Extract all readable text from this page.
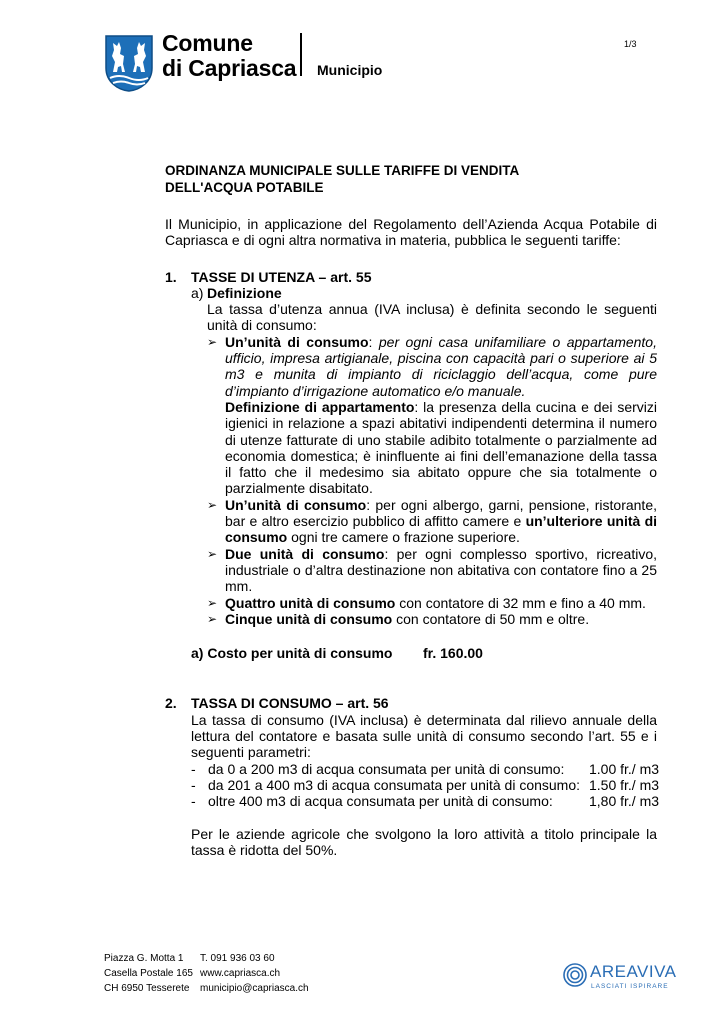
Comune
di Capriasca Municipio
1/3
ORDINANZA MUNICIPALE SULLE TARIFFE DI VENDITA
DELL'ACQUA POTABILE

Il Municipio, in applicazione del Regolamento dell’Azienda Acqua Potabile di Capriasca e di ogni altra normativa in materia, pubblica le seguenti tariffe:

1.	TASSE DI UTENZA – art. 55
a) Definizione
La tassa d’utenza annua (IVA inclusa) è definita secondo le seguenti unità di consumo:
➢ Un’unità di consumo: per ogni casa unifamiliare o appartamento, ufficio, impresa artigianale, piscina con capacità pari o superiore ai 5 m3 e munita di impianto di riciclaggio dell’acqua, come pure d’impianto d’irrigazione automatico e/o manuale.
Definizione di appartamento: la presenza della cucina e dei servizi igienici in relazione a spazi abitativi indipendenti determina il numero di utenze fatturate di uno stabile adibito totalmente o parzialmente ad economia domestica; è ininfluente ai fini dell’emanazione della tassa il fatto che il medesimo sia abitato oppure che sia totalmente o parzialmente disabitato.
➢ Un’unità di consumo: per ogni albergo, garni, pensione, ristorante, bar e altro esercizio pubblico di affitto camere e un’ulteriore unità di consumo ogni tre camere o frazione superiore.
➢ Due unità di consumo: per ogni complesso sportivo, ricreativo, industriale o d’altra destinazione non abitativa con contatore fino a 25 mm.
➢ Quattro unità di consumo con contatore di 32 mm e fino a 40 mm.
➢ Cinque unità di consumo con contatore di 50 mm e oltre.
a) Costo per unità di consumo	fr. 160.00
2.	TASSA DI CONSUMO – art. 56
La tassa di consumo (IVA inclusa) è determinata dal rilievo annuale della lettura del contatore e basata sulle unità di consumo secondo l’art. 55 e i seguenti parametri:
- da 0 a 200 m3 di acqua consumata per unità di consumo:	1.00 fr./ m3
- da 201 a 400 m3 di acqua consumata per unità di consumo: 1.50 fr./ m3
- oltre 400 m3 di acqua consumata per unità di consumo:	1,80 fr./ m3
Per le aziende agricole che svolgono la loro attività a titolo principale la tassa è ridotta del 50%.
Piazza G. Motta 1
Casella Postale 165
CH 6950 Tesserete
T. 091 936 03 60
www.capriasca.ch
municipio@capriasca.ch
AREAVIVA
LASCIATI ISPIRARE
